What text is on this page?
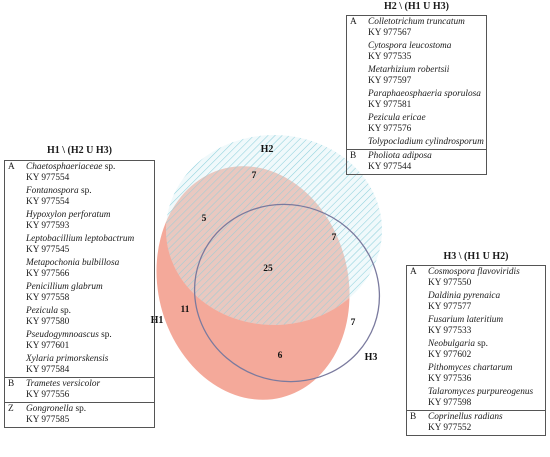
H2
H1
H3
7
5
7
25
11
7
6
H1 \ (H2 U H3)
A	Chaetosphaeriaceae sp.
KY 977554
	Fontanospora sp.
KY 977554
	Hypoxylon perforatum
KY 977593
	Leptobacillium leptobactrum
KY 977545
	Metapochonia bulbillosa
KY 977566
	Penicillium glabrum
KY 977558
	Pezicula sp.
KY 977580
	Pseudogymnoascus sp.
KY 977601
	Xylaria primorskensis
KY 977584
B	Trametes versicolor
KY 977556
Z	Gongronella sp.
KY 977585
H2 \ (H1 U H3)
A	Colletotrichum truncatum
KY 977567
	Cytospora leucostoma
KY 977535
	Metarhizium robertsii
KY 977597
	Paraphaeosphaeria sporulosa
KY 977581
	Pezicula ericae
KY 977576
	Tolypocladium cylindrosporum
B	Pholiota adiposa
KY 977544
H3 \ (H1 U H2)
A	Cosmospora flavoviridis
KY 977550
	Daldinia pyrenaica
KY 977577
	Fusarium lateritium
KY 977533
	Neobulgaria sp.
KY 977602
	Pithomyces chartarum
KY 977536
	Talaromyces purpureogenus
KY 977598
B	Coprinellus radians
KY 977552
